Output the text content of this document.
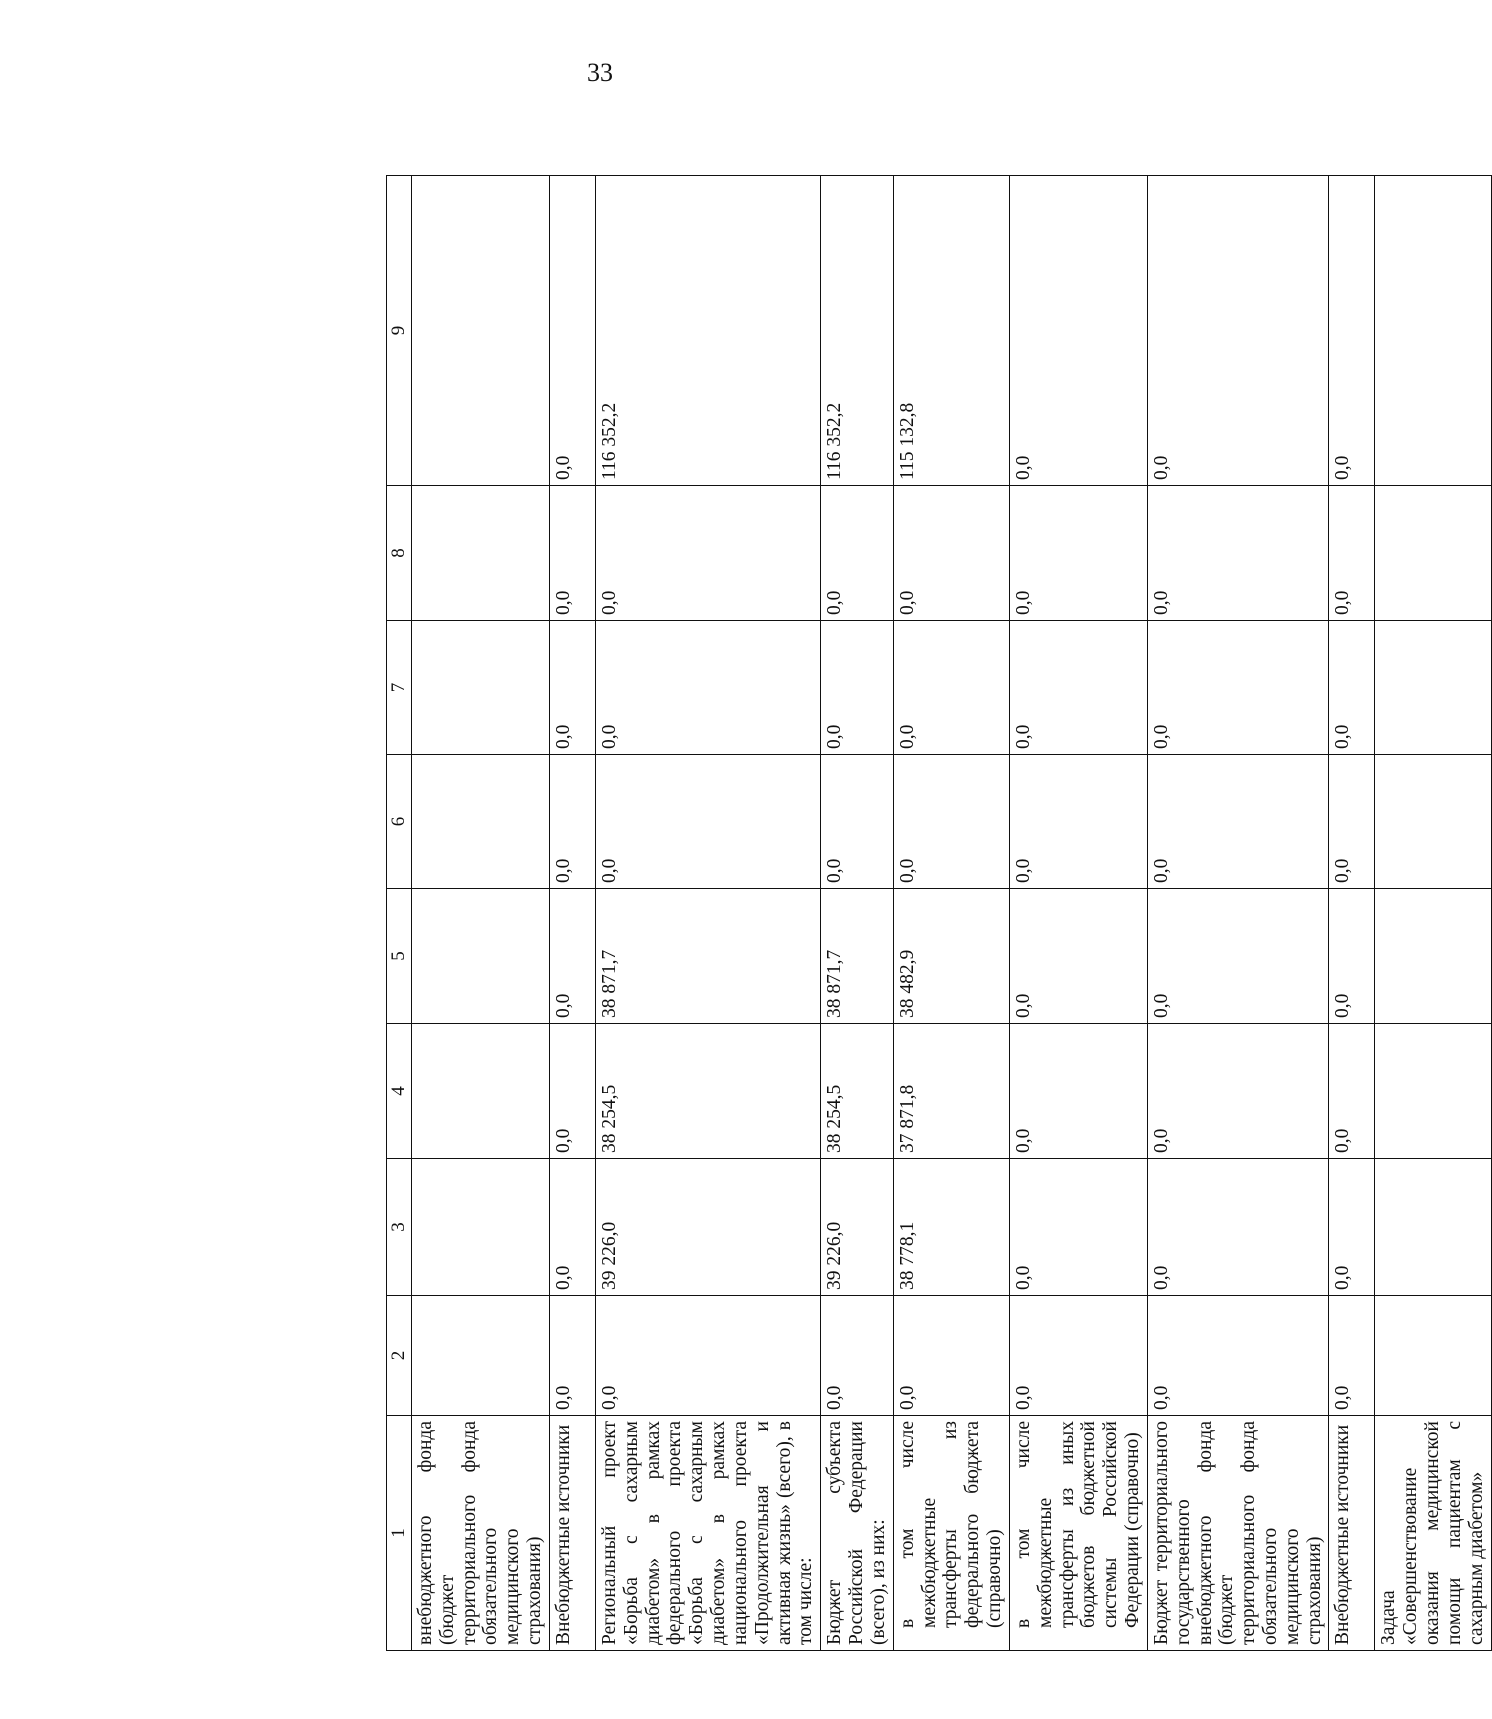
33
1	2	3	4	5	6	7	8	9
внебюджетного фонда (бюджет территориального фонда обязательного медицинского страхования)								
Внебюджетные источники	0,0	0,0	0,0	0,0	0,0	0,0	0,0	0,0
Региональный проект «Борьба с сахарным диабетом» в рамках федерального проекта «Борьба с сахарным диабетом» в рамках национального проекта «Продолжительная и активная жизнь» (всего), в том числе:	0,0	39 226,0	38 254,5	38 871,7	0,0	0,0	0,0	116 352,2
Бюджет субъекта Российской Федерации (всего), из них:	0,0	39 226,0	38 254,5	38 871,7	0,0	0,0	0,0	116 352,2
в том числе межбюджетные трансферты из федерального бюджета (справочно)	0,0	38 778,1	37 871,8	38 482,9	0,0	0,0	0,0	115 132,8
в том числе межбюджетные трансферты из иных бюджетов бюджетной системы Российской Федерации (справочно)	0,0	0,0	0,0	0,0	0,0	0,0	0,0	0,0
Бюджет территориального государственного внебюджетного фонда (бюджет территориального фонда обязательного медицинского страхования)	0,0	0,0	0,0	0,0	0,0	0,0	0,0	0,0
Внебюджетные источники	0,0	0,0	0,0	0,0	0,0	0,0	0,0	0,0
Задача «Совершенствование оказания медицинской помощи пациентам с сахарным диабетом»								
